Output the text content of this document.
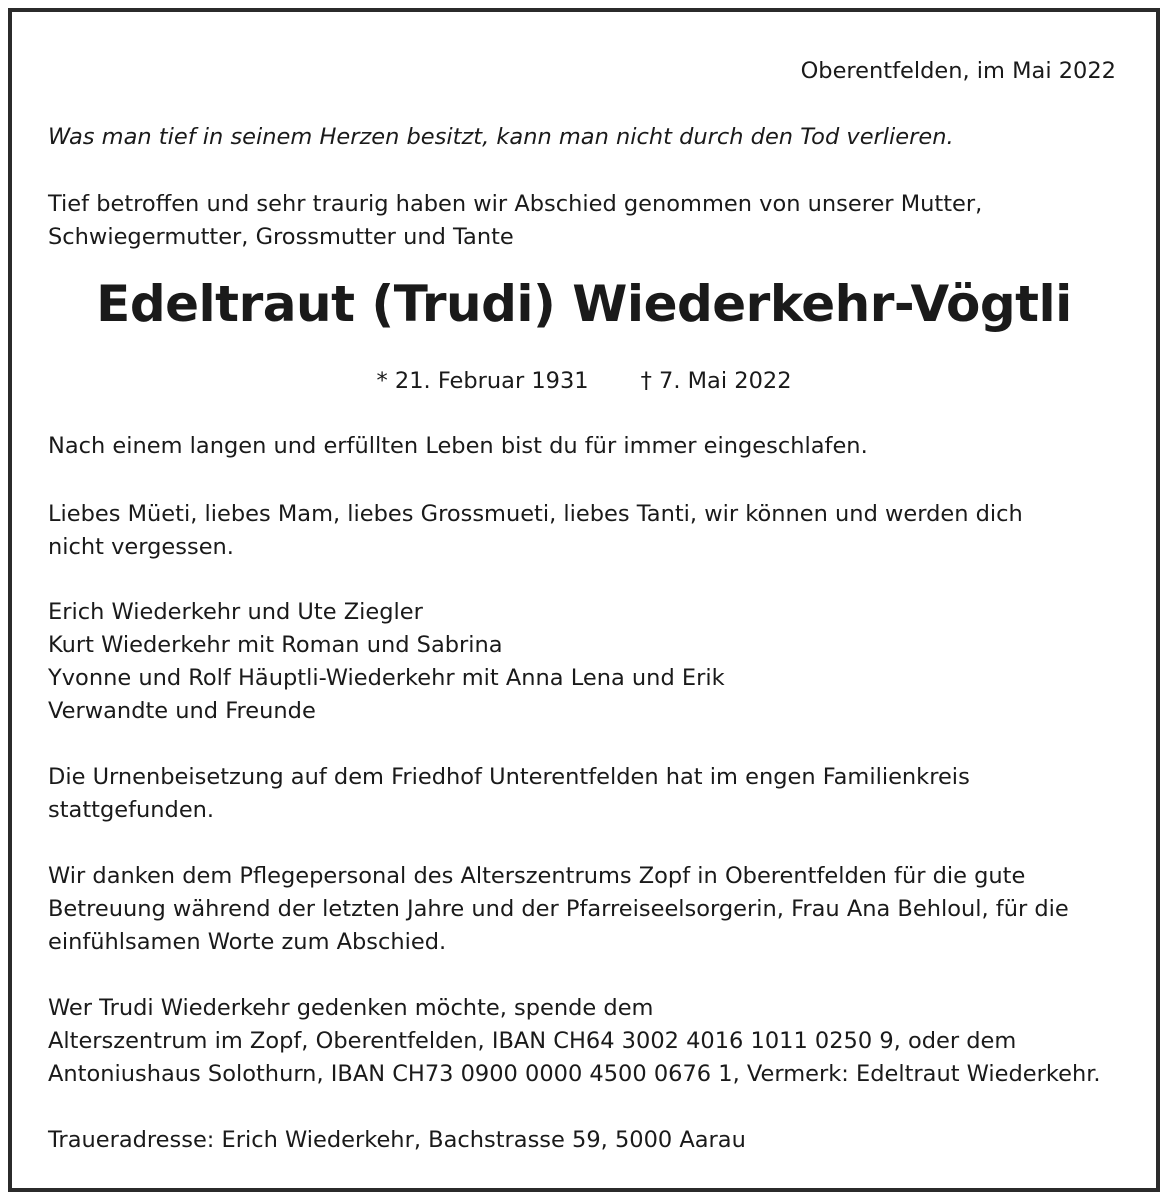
Oberentfelden, im Mai 2022
Was man tief in seinem Herzen besitzt, kann man nicht durch den Tod verlieren.
Tief betroffen und sehr traurig haben wir Abschied genommen von unserer Mutter,
Schwiegermutter, Grossmutter und Tante
Edeltraut (Trudi) Wiederkehr-Vögtli
* 21. Februar 1931 † 7. Mai 2022
Nach einem langen und erfüllten Leben bist du für immer eingeschlafen.
Liebes Müeti, liebes Mam, liebes Grossmueti, liebes Tanti, wir können und werden dich
nicht vergessen.
Erich Wiederkehr und Ute Ziegler
Kurt Wiederkehr mit Roman und Sabrina
Yvonne und Rolf Häuptli-Wiederkehr mit Anna Lena und Erik
Verwandte und Freunde
Die Urnenbeisetzung auf dem Friedhof Unterentfelden hat im engen Familienkreis
stattgefunden.
Wir danken dem Pflegepersonal des Alterszentrums Zopf in Oberentfelden für die gute
Betreuung während der letzten Jahre und der Pfarreiseelsorgerin, Frau Ana Behloul, für die
einfühlsamen Worte zum Abschied.
Wer Trudi Wiederkehr gedenken möchte, spende dem
Alterszentrum im Zopf, Oberentfelden, IBAN CH64 3002 4016 1011 0250 9, oder dem
Antoniushaus Solothurn, IBAN CH73 0900 0000 4500 0676 1, Vermerk: Edeltraut Wiederkehr.
Traueradresse: Erich Wiederkehr, Bachstrasse 59, 5000 Aarau
